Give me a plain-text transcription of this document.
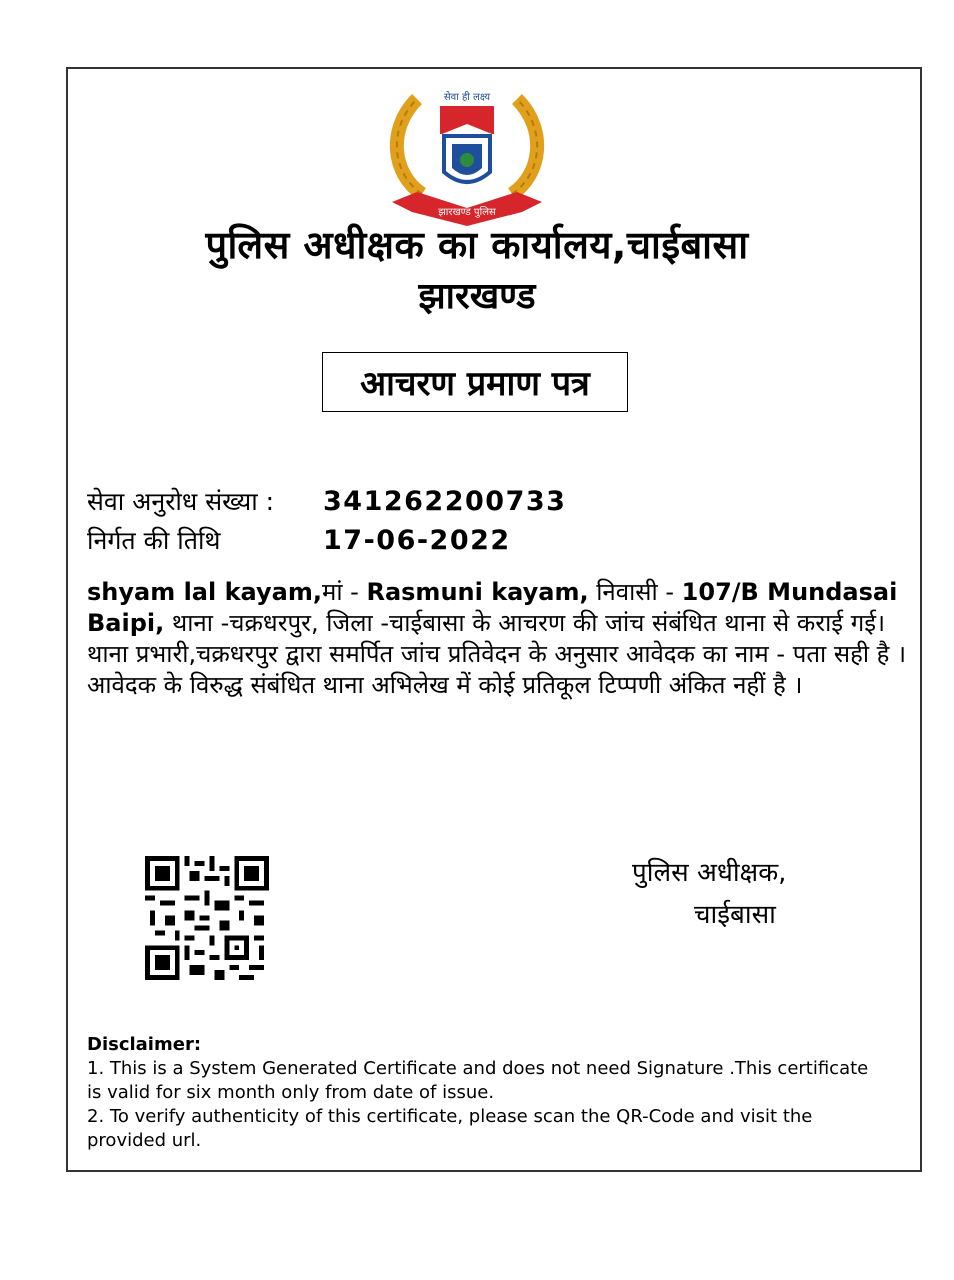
सेवा ही लक्ष्य
झारखण्ड पुलिस
पुलिस अधीक्षक का कार्यालय,चाईबासा
झारखण्ड
आचरण प्रमाण पत्र
सेवा अनुरोध संख्या :	341262200733
निर्गत की तिथि	17-06-2022
shyam lal kayam,मां - Rasmuni kayam, निवासी - 107/B Mundasai Baipi, थाना -चक्रधरपुर, जिला -चाईबासा के आचरण की जांच संबंधित थाना से कराई गई। थाना प्रभारी,चक्रधरपुर द्वारा समर्पित जांच प्रतिवेदन के अनुसार आवेदक का नाम - पता सही है । आवेदक के विरुद्ध संबंधित थाना अभिलेख में कोई प्रतिकूल टिप्पणी अंकित नहीं है ।
पुलिस अधीक्षक,
चाईबासा
Disclaimer:
1. This is a System Generated Certificate and does not need Signature .This certificate is valid for six month only from date of issue.
2. To verify authenticity of this certificate, please scan the QR-Code and visit the provided url.
